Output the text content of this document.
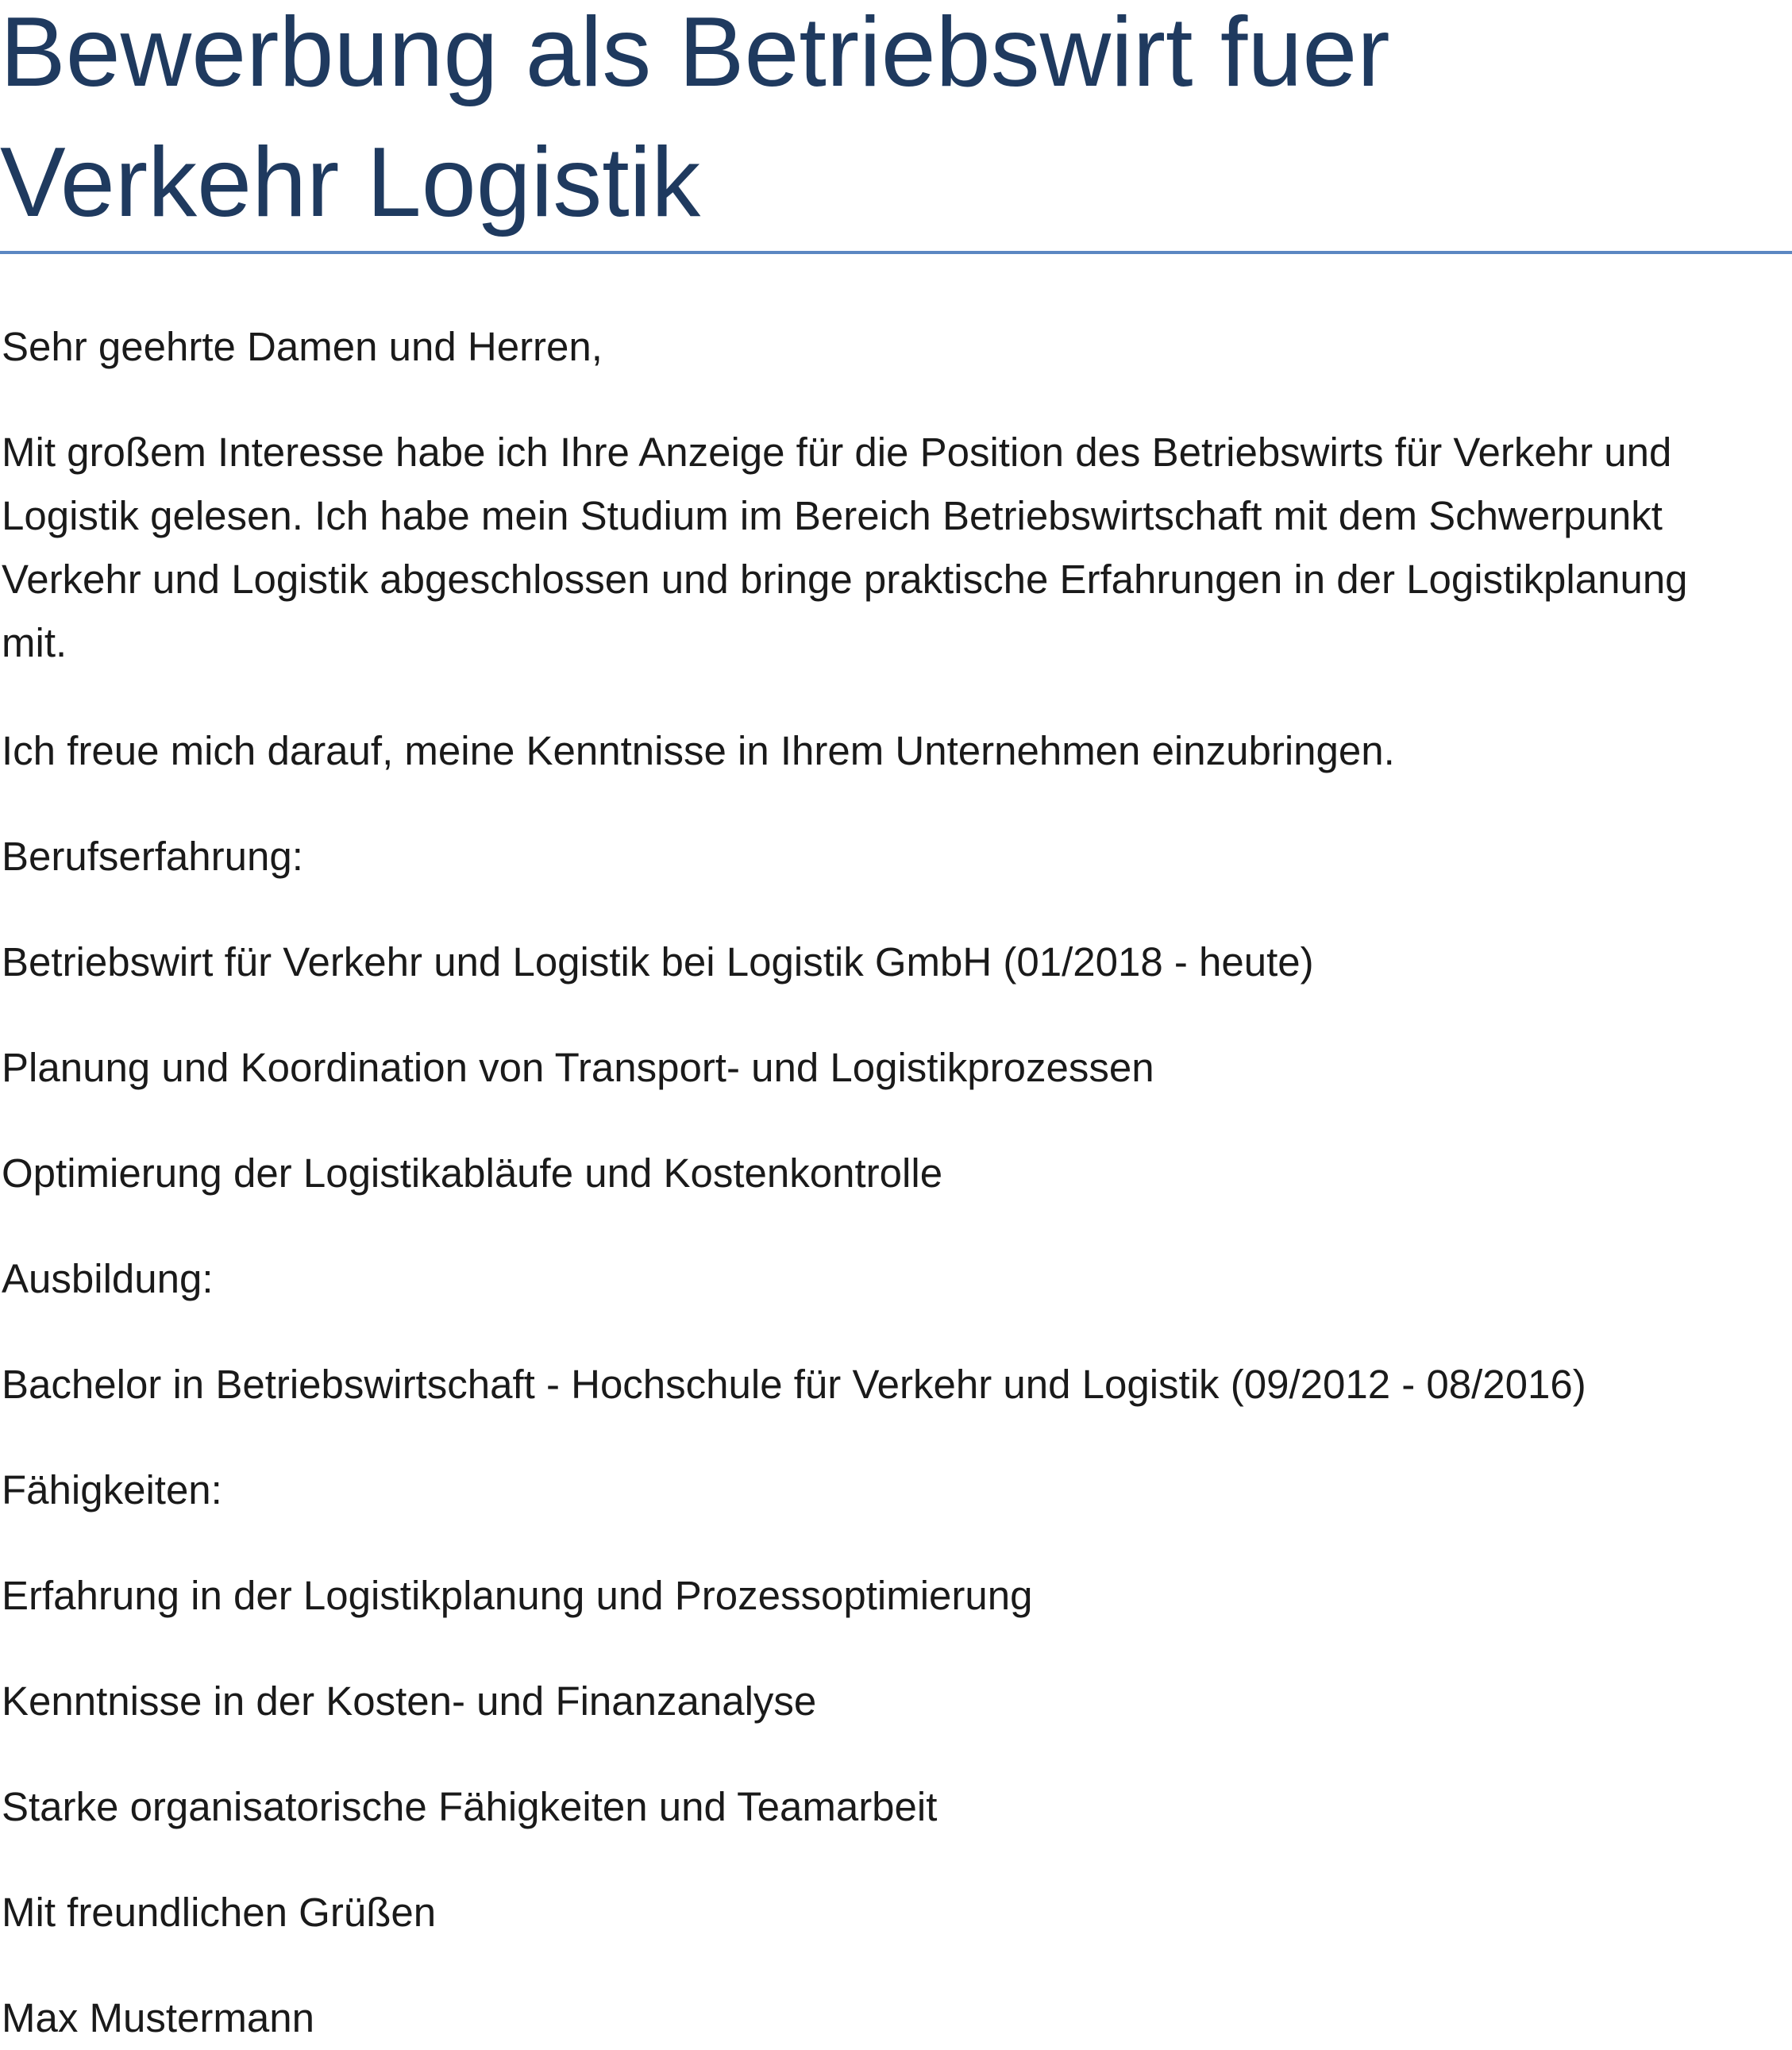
Bewerbung als Betriebswirt fuer
Verkehr Logistik

Sehr geehrte Damen und Herren,

Mit großem Interesse habe ich Ihre Anzeige für die Position des Betriebswirts für Verkehr und
Logistik gelesen. Ich habe mein Studium im Bereich Betriebswirtschaft mit dem Schwerpunkt
Verkehr und Logistik abgeschlossen und bringe praktische Erfahrungen in der Logistikplanung
mit.

Ich freue mich darauf, meine Kenntnisse in Ihrem Unternehmen einzubringen.

Berufserfahrung:

Betriebswirt für Verkehr und Logistik bei Logistik GmbH (01/2018 - heute)

Planung und Koordination von Transport- und Logistikprozessen

Optimierung der Logistikabläufe und Kostenkontrolle

Ausbildung:

Bachelor in Betriebswirtschaft - Hochschule für Verkehr und Logistik (09/2012 - 08/2016)

Fähigkeiten:

Erfahrung in der Logistikplanung und Prozessoptimierung

Kenntnisse in der Kosten- und Finanzanalyse

Starke organisatorische Fähigkeiten und Teamarbeit

Mit freundlichen Grüßen

Max Mustermann
